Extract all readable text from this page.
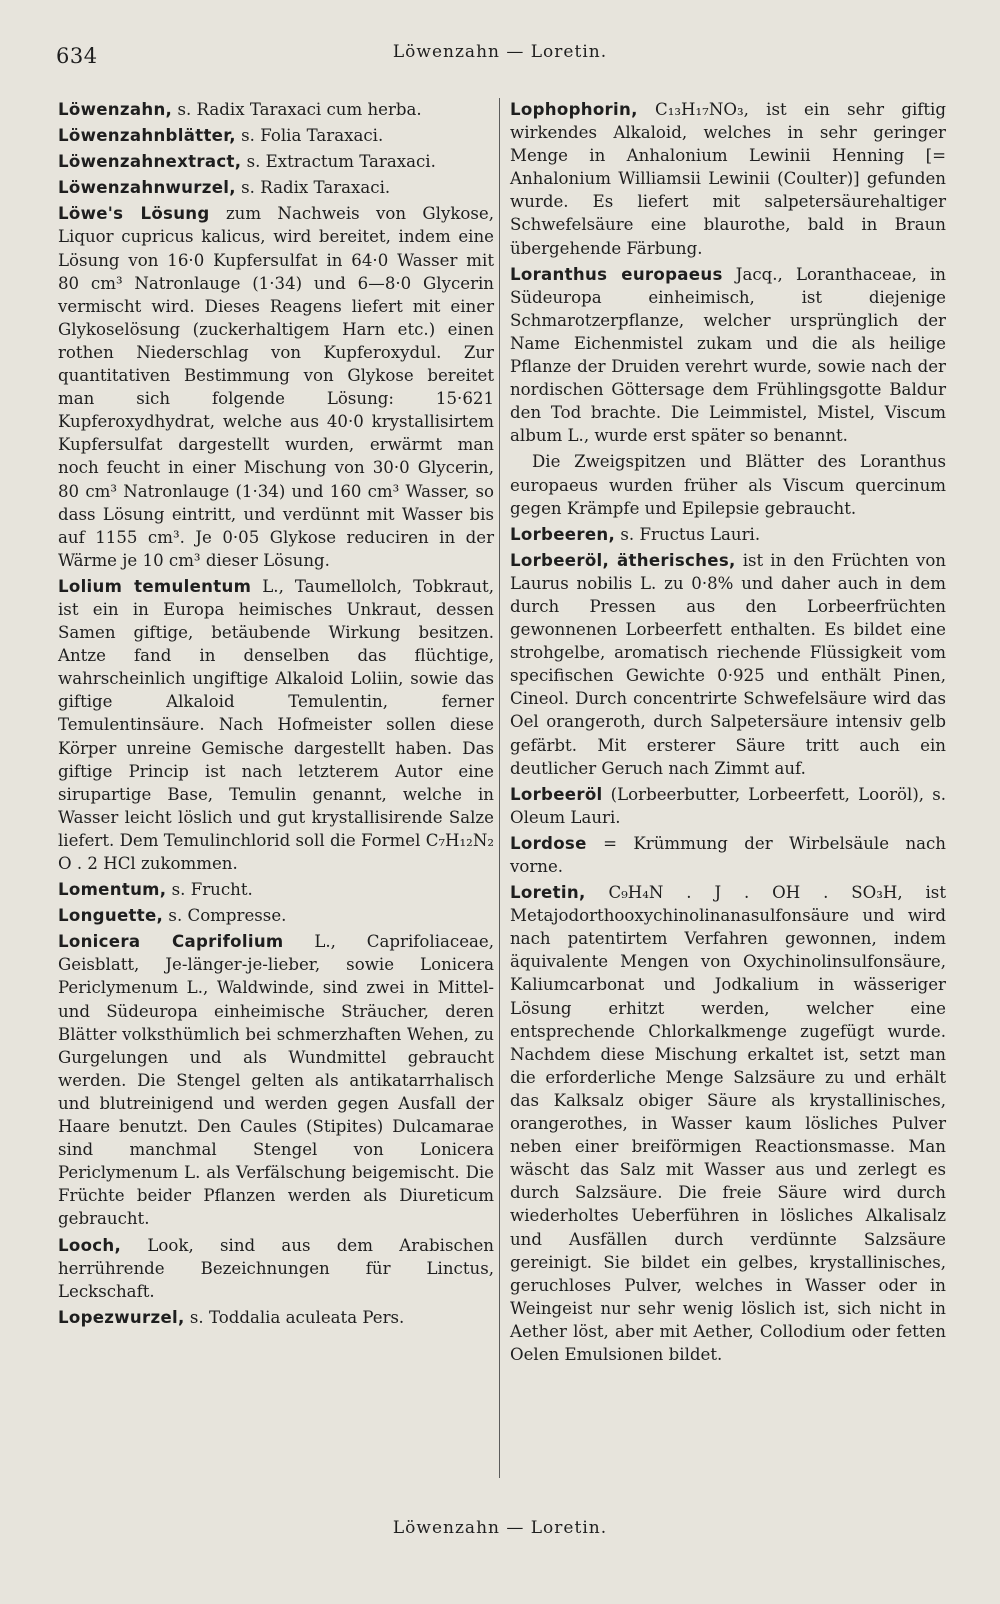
634	Löwenzahn — Loretin.

Löwenzahn, s. Radix Taraxaci cum herba.

Löwenzahnblätter, s. Folia Taraxaci.

Löwenzahnextract, s. Extractum Taraxaci.

Löwenzahnwurzel, s. Radix Taraxaci.

Löwe's Lösung zum Nachweis von Glykose, Liquor cupricus kalicus, wird bereitet, indem eine Lösung von 16·0 Kupfersulfat in 64·0 Wasser mit 80 cm³ Natronlauge (1·34) und 6—8·0 Glycerin vermischt wird. Dieses Reagens liefert mit einer Glykoselösung (zuckerhaltigem Harn etc.) einen rothen Niederschlag von Kupferoxydul. Zur quantitativen Bestimmung von Glykose bereitet man sich folgende Lösung: 15·621 Kupferoxydhydrat, welche aus 40·0 krystallisirtem Kupfersulfat dargestellt wurden, erwärmt man noch feucht in einer Mischung von 30·0 Glycerin, 80 cm³ Natronlauge (1·34) und 160 cm³ Wasser, so dass Lösung eintritt, und verdünnt mit Wasser bis auf 1155 cm³. Je 0·05 Glykose reduciren in der Wärme je 10 cm³ dieser Lösung.

Lolium temulentum L., Taumellolch, Tobkraut, ist ein in Europa heimisches Unkraut, dessen Samen giftige, betäubende Wirkung besitzen. Antze fand in denselben das flüchtige, wahrscheinlich ungiftige Alkaloid Loliin, sowie das giftige Alkaloid Temulentin, ferner Temulentinsäure. Nach Hofmeister sollen diese Körper unreine Gemische dargestellt haben. Das giftige Princip ist nach letzterem Autor eine sirupartige Base, Temulin genannt, welche in Wasser leicht löslich und gut krystallisirende Salze liefert. Dem Temulinchlorid soll die Formel C₇H₁₂N₂ O . 2 HCl zukommen.

Lomentum, s. Frucht.

Longuette, s. Compresse.

Lonicera Caprifolium L., Caprifoliaceae, Geisblatt, Je-länger-je-lieber, sowie Lonicera Periclymenum L., Waldwinde, sind zwei in Mittel- und Südeuropa einheimische Sträucher, deren Blätter volksthümlich bei schmerzhaften Wehen, zu Gurgelungen und als Wundmittel gebraucht werden. Die Stengel gelten als antikatarrhalisch und blutreinigend und werden gegen Ausfall der Haare benutzt. Den Caules (Stipites) Dulcamarae sind manchmal Stengel von Lonicera Periclymenum L. als Verfälschung beigemischt. Die Früchte beider Pflanzen werden als Diureticum gebraucht.

Looch, Look, sind aus dem Arabischen herrührende Bezeichnungen für Linctus, Leckschaft.

Lopezwurzel, s. Toddalia aculeata Pers.

Lophophorin, C₁₃H₁₇NO₃, ist ein sehr giftig wirkendes Alkaloid, welches in sehr geringer Menge in Anhalonium Lewinii Henning [= Anhalonium Williamsii Lewinii (Coulter)] gefunden wurde. Es liefert mit salpetersäurehaltiger Schwefelsäure eine blaurothe, bald in Braun übergehende Färbung.

Loranthus europaeus Jacq., Loranthaceae, in Südeuropa einheimisch, ist diejenige Schmarotzerpflanze, welcher ursprünglich der Name Eichenmistel zukam und die als heilige Pflanze der Druiden verehrt wurde, sowie nach der nordischen Göttersage dem Frühlingsgotte Baldur den Tod brachte. Die Leimmistel, Mistel, Viscum album L., wurde erst später so benannt.

Die Zweigspitzen und Blätter des Loranthus europaeus wurden früher als Viscum quercinum gegen Krämpfe und Epilepsie gebraucht.

Lorbeeren, s. Fructus Lauri.

Lorbeeröl, ätherisches, ist in den Früchten von Laurus nobilis L. zu 0·8% und daher auch in dem durch Pressen aus den Lorbeerfrüchten gewonnenen Lorbeerfett enthalten. Es bildet eine strohgelbe, aromatisch riechende Flüssigkeit vom specifischen Gewichte 0·925 und enthält Pinen, Cineol. Durch concentrirte Schwefelsäure wird das Oel orangeroth, durch Salpetersäure intensiv gelb gefärbt. Mit ersterer Säure tritt auch ein deutlicher Geruch nach Zimmt auf.

Lorbeeröl (Lorbeerbutter, Lorbeerfett, Looröl), s. Oleum Lauri.

Lordose = Krümmung der Wirbelsäule nach vorne.

Loretin, C₉H₄N . J . OH . SO₃H, ist Metajodorthooxychinolinanasulfonsäure und wird nach patentirtem Verfahren gewonnen, indem äquivalente Mengen von Oxychinolinsulfonsäure, Kaliumcarbonat und Jodkalium in wässeriger Lösung erhitzt werden, welcher eine entsprechende Chlorkalkmenge zugefügt wurde. Nachdem diese Mischung erkaltet ist, setzt man die erforderliche Menge Salzsäure zu und erhält das Kalksalz obiger Säure als krystallinisches, orangerothes, in Wasser kaum lösliches Pulver neben einer breiförmigen Reactionsmasse. Man wäscht das Salz mit Wasser aus und zerlegt es durch Salzsäure. Die freie Säure wird durch wiederholtes Ueberführen in lösliches Alkalisalz und Ausfällen durch verdünnte Salzsäure gereinigt. Sie bildet ein gelbes, krystallinisches, geruchloses Pulver, welches in Wasser oder in Weingeist nur sehr wenig löslich ist, sich nicht in Aether löst, aber mit Aether, Collodium oder fetten Oelen Emulsionen bildet.

Löwenzahn — Loretin.
